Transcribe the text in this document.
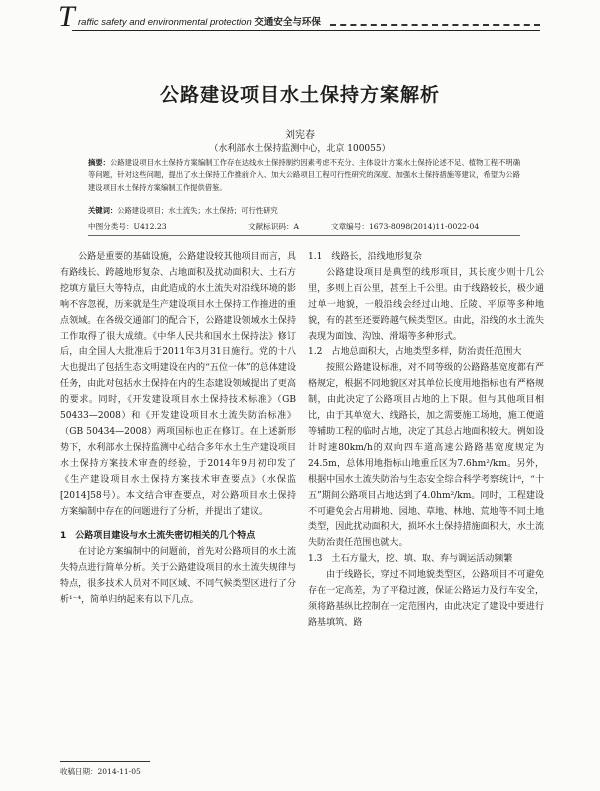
T raffic safety and environmental protection 交通安全与环保
公路建设项目水土保持方案解析
刘宪春
（水利部水土保持监测中心，北京 100055）
摘要：公路建设项目水土保持方案编制工作存在达线水土保持制约因素考虑不充分、主体设计方案水土保持论述不足、植物工程不明确等问题，针对这些问题，提出了水土保持工作推前介入、加大公路项目工程可行性研究的深度、加强水土保持措施等建议，希望为公路建设项目水土保持方案编制工作提供借鉴。
关键词：公路建设项目；水土流失；水土保持；可行性研究
中图分类号：U412.23	文献标识码：A	文章编号：1673-8098(2014)11-0022-04

公路是重要的基础设施，公路建设较其他项目而言，具有路线长、跨越地形复杂、占地面积及扰动面积大、土石方挖填方量巨大等特点，由此造成的水土流失对沿线环境的影响不容忽视，历来就是生产建设项目水土保持工作推进的重点领域。在各级交通部门的配合下，公路建设领域水土保持工作取得了很大成绩。《中华人民共和国水土保持法》修订后，由全国人大批准后于2011年3月31日施行。党的十八大也提出了包括生态文明建设在内的“五位一体”的总体建设任务，由此对包括水土保持在内的生态建设领域提出了更高的要求。同时，《开发建设项目水土保持技术标准》（GB 50433—2008）和《开发建设项目水土流失防治标准》（GB 50434—2008）两项国标也正在修订。在上述新形势下，水利部水土保持监测中心结合多年水土生产建设项目水土保持方案技术审查的经验，于2014年9月初印发了《生产建设项目水土保持方案技术审查要点》（水保监[2014]58号）。本文结合审查要点，对公路项目水土保持方案编制中存在的问题进行了分析，并提出了建议。

1　公路项目建设与水土流失密切相关的几个特点

在讨论方案编制中的问题前，首先对公路项目的水土流失特点进行简单分析。关于公路建设项目的水土流失规律与特点，很多技术人员对不同区域、不同气候类型区进行了分析¹⁻⁴，简单归纳起来有以下几点。

1.1　线路长，沿线地形复杂

公路建设项目是典型的线形项目，其长度少则十几公里，多则上百公里，甚至上千公里。由于线路较长，极少通过单一地貌，一般沿线会经过山地、丘陵、平原等多种地貌，有的甚至还要跨越气候类型区。由此，沿线的水土流失表现为面蚀、沟蚀、滑塌等多种形式。

1.2　占地总面积大，占地类型多样，防治责任范围大

按照公路建设标准，对不同等级的公路路基宽度都有严格规定，根据不同地貌区对其单位长度用地指标也有严格规制，由此决定了公路项目占地的上下限。但与其他项目相比，由于其单宽大、线路长，加之需要施工场地，施工便道等辅助工程的临时占地，决定了其总占地面积较大。例如设计时速80km/h的双向四车道高速公路路基宽度规定为24.5m，总体用地指标山地重丘区为7.6hm²/km。另外，根据中国水土流失防治与生态安全综合科学考察统计⁶，“十五”期间公路项目占地达到了4.0hm²/km。同时，工程建设不可避免会占用耕地、园地、草地、林地、荒地等不同土地类型，因此扰动面积大，损坏水土保持措施面积大，水土流失防治责任范围也就大。

1.3　土石方量大，挖、填、取、弃与调运活动频繁

由于线路长，穿过不同地貌类型区，公路项目不可避免存在一定高差，为了平稳过渡，保证公路运力及行车安全，须将路基纵比控制在一定范围内，由此决定了建设中要进行路基填筑、路

收稿日期：2014-11-05
